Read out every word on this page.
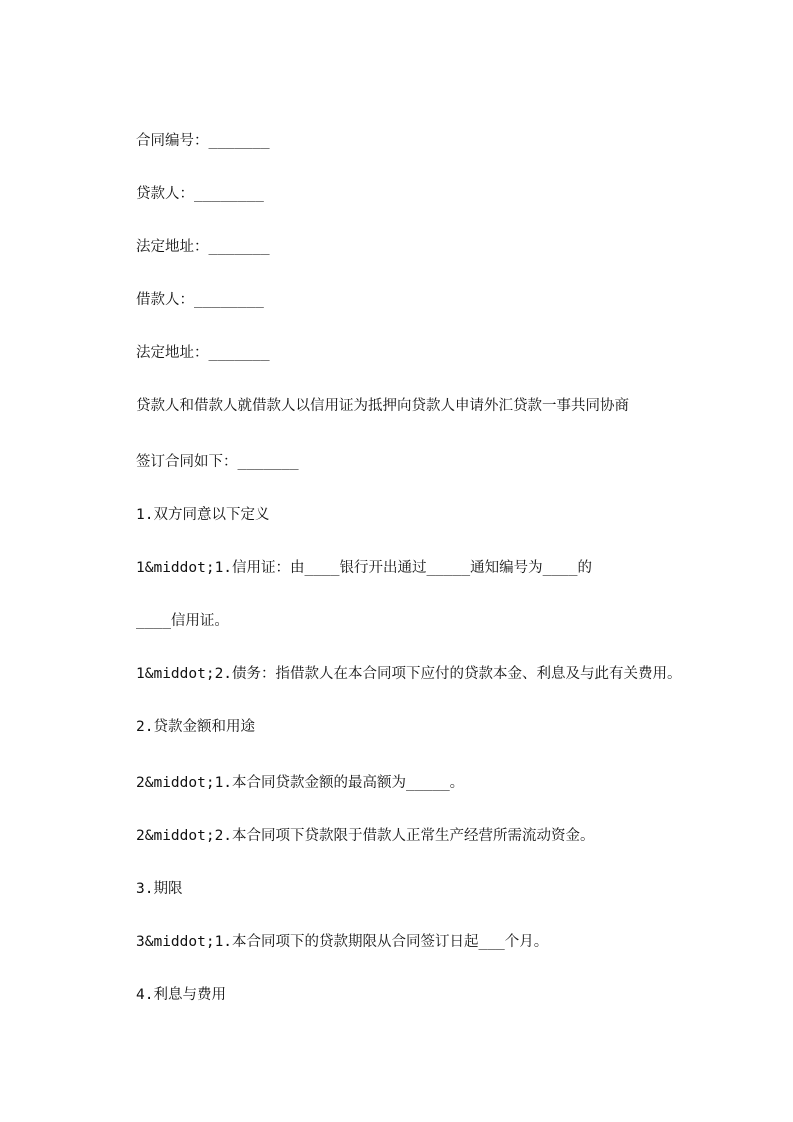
合同编号：_______
贷款人：________
法定地址：_______
借款人：________
法定地址：_______
贷款人和借款人就借款人以信用证为抵押向贷款人申请外汇贷款一事共同协商
签订合同如下：_______
1.双方同意以下定义
1&middot;1.信用证：由____银行开出通过_____通知编号为____的
____信用证。
1&middot;2.债务：指借款人在本合同项下应付的贷款本金、利息及与此有关费用。
2.贷款金额和用途
2&middot;1.本合同贷款金额的最高额为_____。
2&middot;2.本合同项下贷款限于借款人正常生产经营所需流动资金。
3.期限
3&middot;1.本合同项下的贷款期限从合同签订日起___个月。
4.利息与费用
